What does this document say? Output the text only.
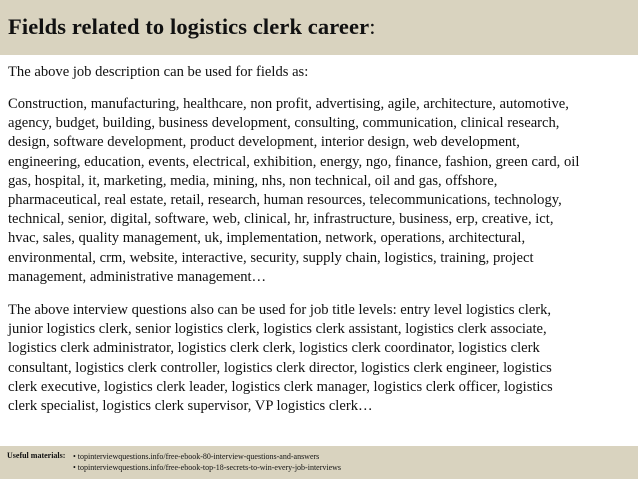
Fields related to logistics clerk career:
The above job description can be used for fields as:
Construction, manufacturing, healthcare, non profit, advertising, agile, architecture, automotive,
agency, budget, building, business development, consulting, communication, clinical research,
design, software development, product development, interior design, web development,
engineering, education, events, electrical, exhibition, energy, ngo, finance, fashion, green card, oil
gas, hospital, it, marketing, media, mining, nhs, non technical, oil and gas, offshore,
pharmaceutical, real estate, retail, research, human resources, telecommunications, technology,
technical, senior, digital, software, web, clinical, hr, infrastructure, business, erp, creative, ict,
hvac, sales, quality management, uk, implementation, network, operations, architectural,
environmental, crm, website, interactive, security, supply chain, logistics, training, project
management, administrative management…
The above interview questions also can be used for job title levels: entry level logistics clerk,
junior logistics clerk, senior logistics clerk, logistics clerk assistant, logistics clerk associate,
logistics clerk administrator, logistics clerk clerk, logistics clerk coordinator, logistics clerk
consultant, logistics clerk controller, logistics clerk director, logistics clerk engineer, logistics
clerk executive, logistics clerk leader, logistics clerk manager, logistics clerk officer, logistics
clerk specialist, logistics clerk supervisor, VP logistics clerk…
Useful materials: • topinterviewquestions.info/free-ebook-80-interview-questions-and-answers
• topinterviewquestions.info/free-ebook-top-18-secrets-to-win-every-job-interviews
